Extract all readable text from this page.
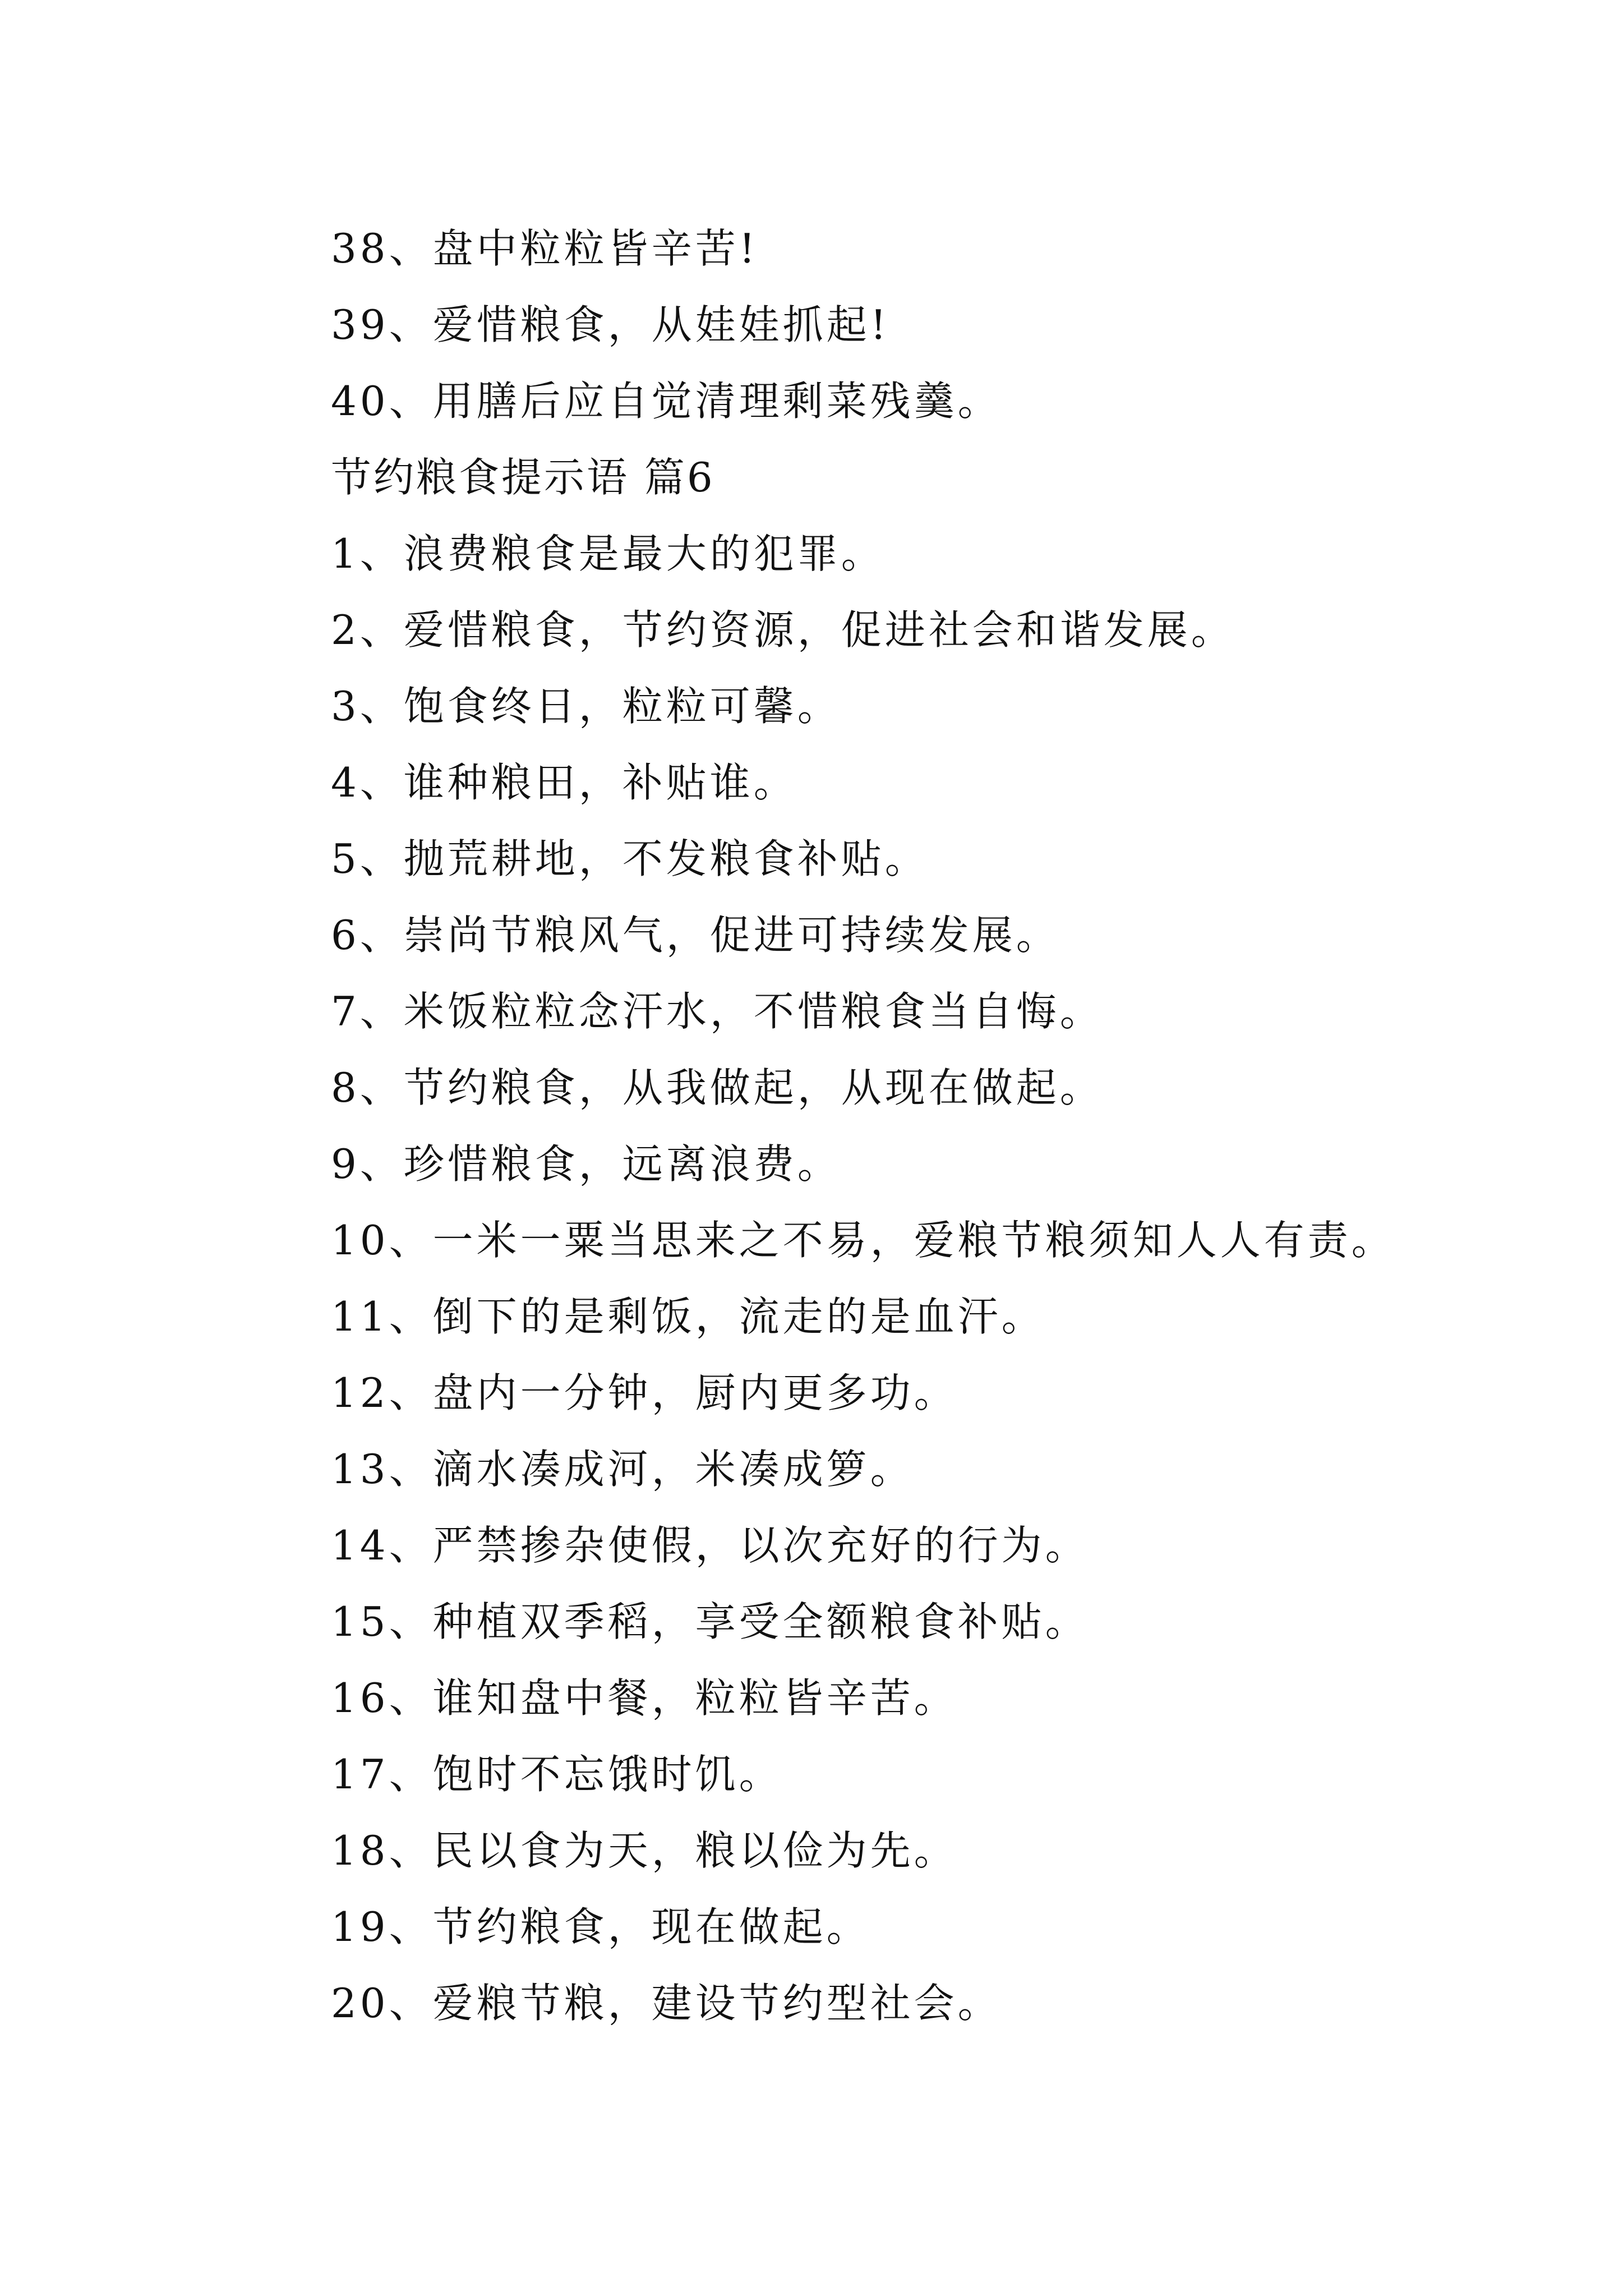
38、盘中粒粒皆辛苦!
39、爱惜粮食，从娃娃抓起!
40、用膳后应自觉清理剩菜残羹。
节约粮食提示语 篇6
1、浪费粮食是最大的犯罪。
2、爱惜粮食，节约资源，促进社会和谐发展。
3、饱食终日，粒粒可馨。
4、谁种粮田，补贴谁。
5、抛荒耕地，不发粮食补贴。
6、崇尚节粮风气，促进可持续发展。
7、米饭粒粒念汗水，不惜粮食当自悔。
8、节约粮食，从我做起，从现在做起。
9、珍惜粮食，远离浪费。
10、一米一粟当思来之不易，爱粮节粮须知人人有责。
11、倒下的是剩饭，流走的是血汗。
12、盘内一分钟，厨内更多功。
13、滴水凑成河，米凑成箩。
14、严禁掺杂使假，以次充好的行为。
15、种植双季稻，享受全额粮食补贴。
16、谁知盘中餐，粒粒皆辛苦。
17、饱时不忘饿时饥。
18、民以食为天，粮以俭为先。
19、节约粮食，现在做起。
20、爱粮节粮，建设节约型社会。
